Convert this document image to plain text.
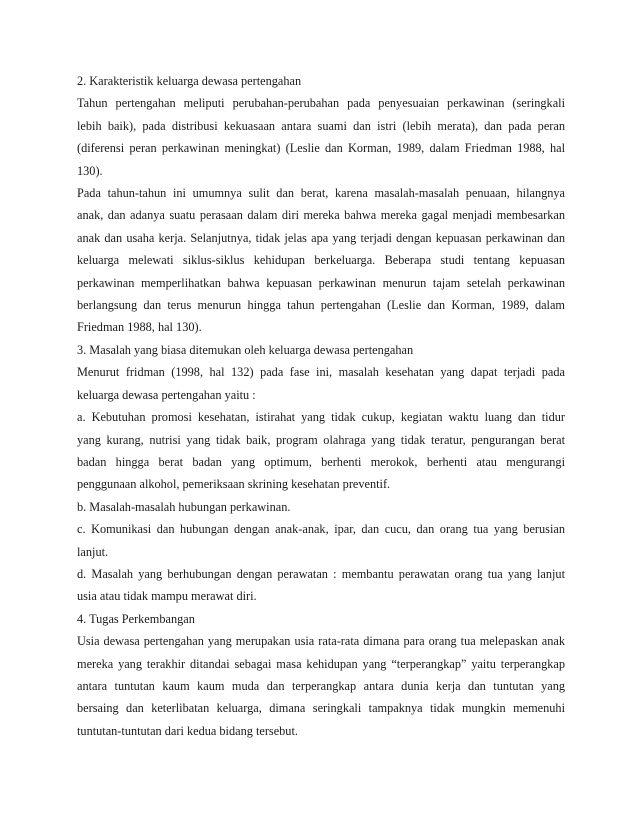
2. Karakteristik keluarga dewasa pertengahan

Tahun pertengahan meliputi perubahan-perubahan pada penyesuaian perkawinan (seringkali

lebih baik), pada distribusi kekuasaan antara suami dan istri (lebih merata), dan pada peran

(diferensi peran perkawinan meningkat) (Leslie dan Korman, 1989, dalam Friedman 1988, hal

130).

Pada tahun-tahun ini umumnya sulit dan berat, karena masalah-masalah penuaan, hilangnya

anak, dan adanya suatu perasaan dalam diri mereka bahwa mereka gagal menjadi membesarkan

anak dan usaha kerja. Selanjutnya, tidak jelas apa yang terjadi dengan kepuasan perkawinan dan

keluarga melewati siklus-siklus kehidupan berkeluarga. Beberapa studi tentang kepuasan

perkawinan memperlihatkan bahwa kepuasan perkawinan menurun tajam setelah perkawinan

berlangsung dan terus menurun hingga tahun pertengahan (Leslie dan Korman, 1989, dalam

Friedman 1988, hal 130).

3. Masalah yang biasa ditemukan oleh keluarga dewasa pertengahan

Menurut fridman (1998, hal 132) pada fase ini, masalah kesehatan yang dapat terjadi pada

keluarga dewasa pertengahan yaitu :

a. Kebutuhan promosi kesehatan, istirahat yang tidak cukup, kegiatan waktu luang dan tidur

yang kurang, nutrisi yang tidak baik, program olahraga yang tidak teratur, pengurangan berat

badan hingga berat badan yang optimum, berhenti merokok, berhenti atau mengurangi

penggunaan alkohol, pemeriksaan skrining kesehatan preventif.

b. Masalah-masalah hubungan perkawinan.

c. Komunikasi dan hubungan dengan anak-anak, ipar, dan cucu, dan orang tua yang berusian

lanjut.

d. Masalah yang berhubungan dengan perawatan : membantu perawatan orang tua yang lanjut

usia atau tidak mampu merawat diri.

4. Tugas Perkembangan

Usia dewasa pertengahan yang merupakan usia rata-rata dimana para orang tua melepaskan anak

mereka yang terakhir ditandai sebagai masa kehidupan yang “terperangkap” yaitu terperangkap

antara tuntutan kaum kaum muda dan terperangkap antara dunia kerja dan tuntutan yang

bersaing dan keterlibatan keluarga, dimana seringkali tampaknya tidak mungkin memenuhi

tuntutan-tuntutan dari kedua bidang tersebut.
